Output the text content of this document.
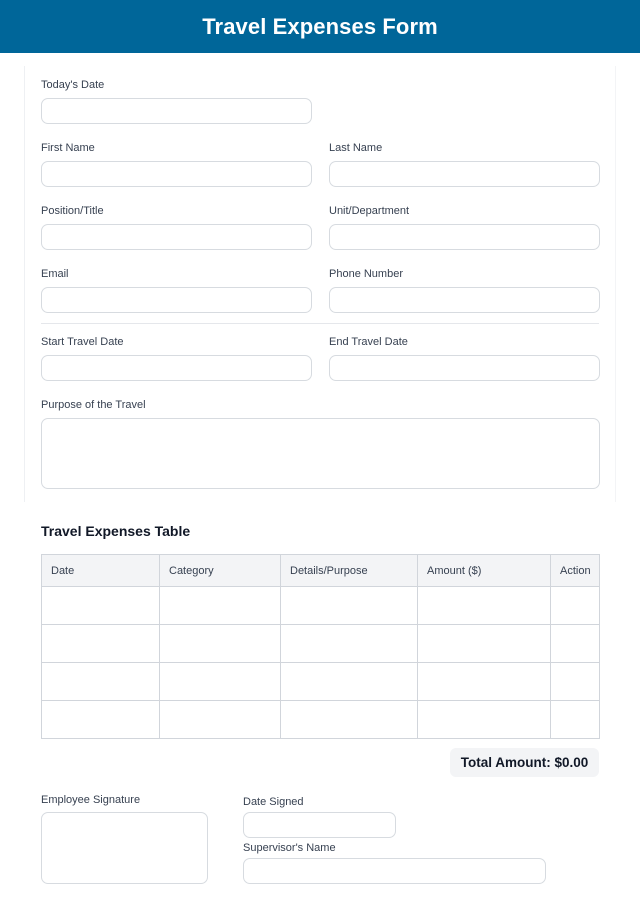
Travel Expenses Form
Today's Date
First Name	Last Name
Position/Title	Unit/Department
Email	Phone Number
Start Travel Date	End Travel Date
Purpose of the Travel
Travel Expenses Table
Date	Category	Details/Purpose	Amount ($)	Action

Total Amount: $0.00
Employee Signature	Date Signed
Supervisor's Name
